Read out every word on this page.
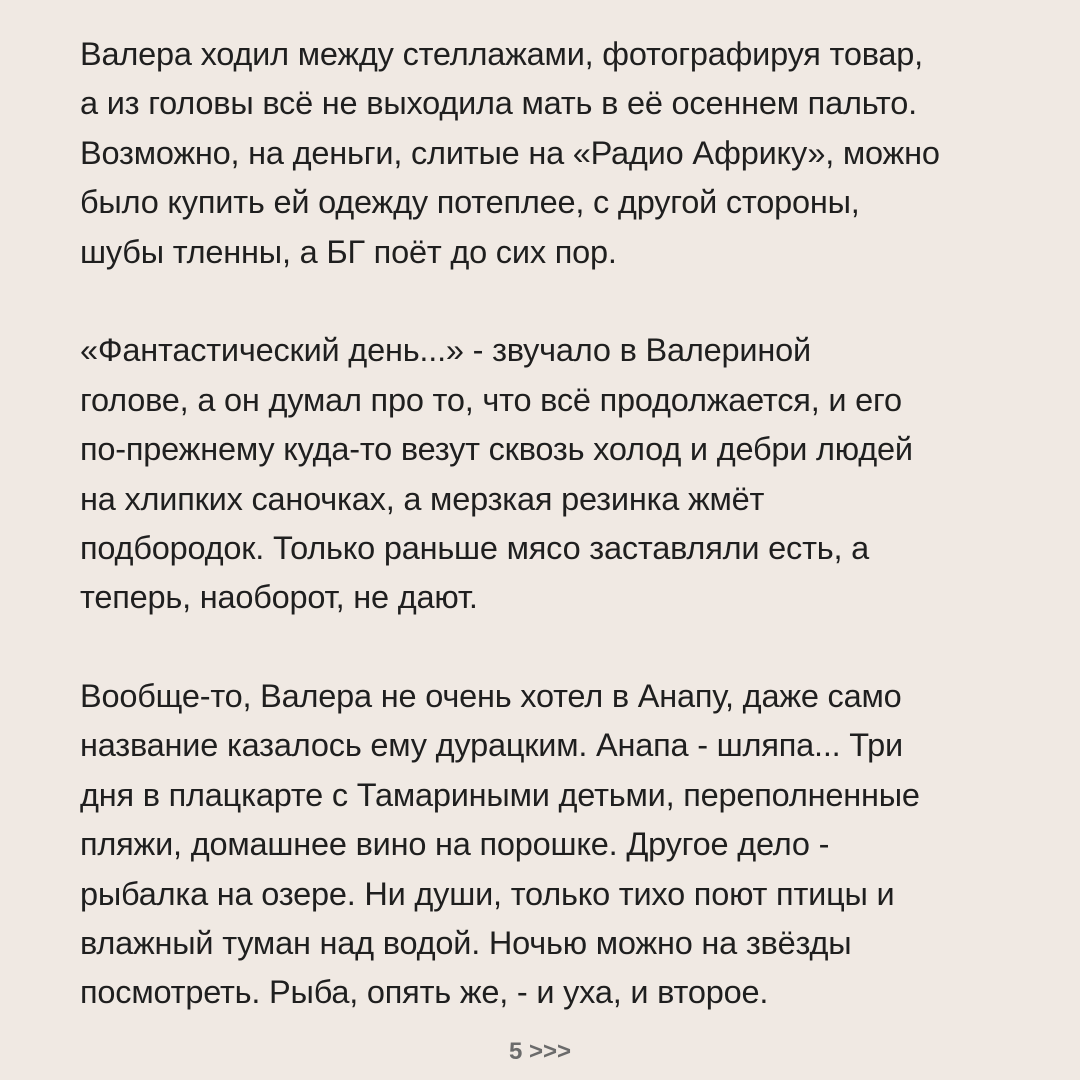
Валера ходил между стеллажами, фотографируя товар,
а из головы всё не выходила мать в её осеннем пальто.
Возможно, на деньги, слитые на «Радио Африку», можно
было купить ей одежду потеплее, с другой стороны,
шубы тленны, а БГ поёт до сих пор.
«Фантастический день...» - звучало в Валериной
голове, а он думал про то, что всё продолжается, и его
по-прежнему куда-то везут сквозь холод и дебри людей
на хлипких саночках, а мерзкая резинка жмёт
подбородок. Только раньше мясо заставляли есть, а
теперь, наоборот, не дают.
Вообще-то, Валера не очень хотел в Анапу, даже само
название казалось ему дурацким. Анапа - шляпа... Три
дня в плацкарте с Тамариными детьми, переполненные
пляжи, домашнее вино на порошке. Другое дело -
рыбалка на озере. Ни души, только тихо поют птицы и
влажный туман над водой. Ночью можно на звёзды
посмотреть. Рыба, опять же, - и уха, и второе.
5 >>>
